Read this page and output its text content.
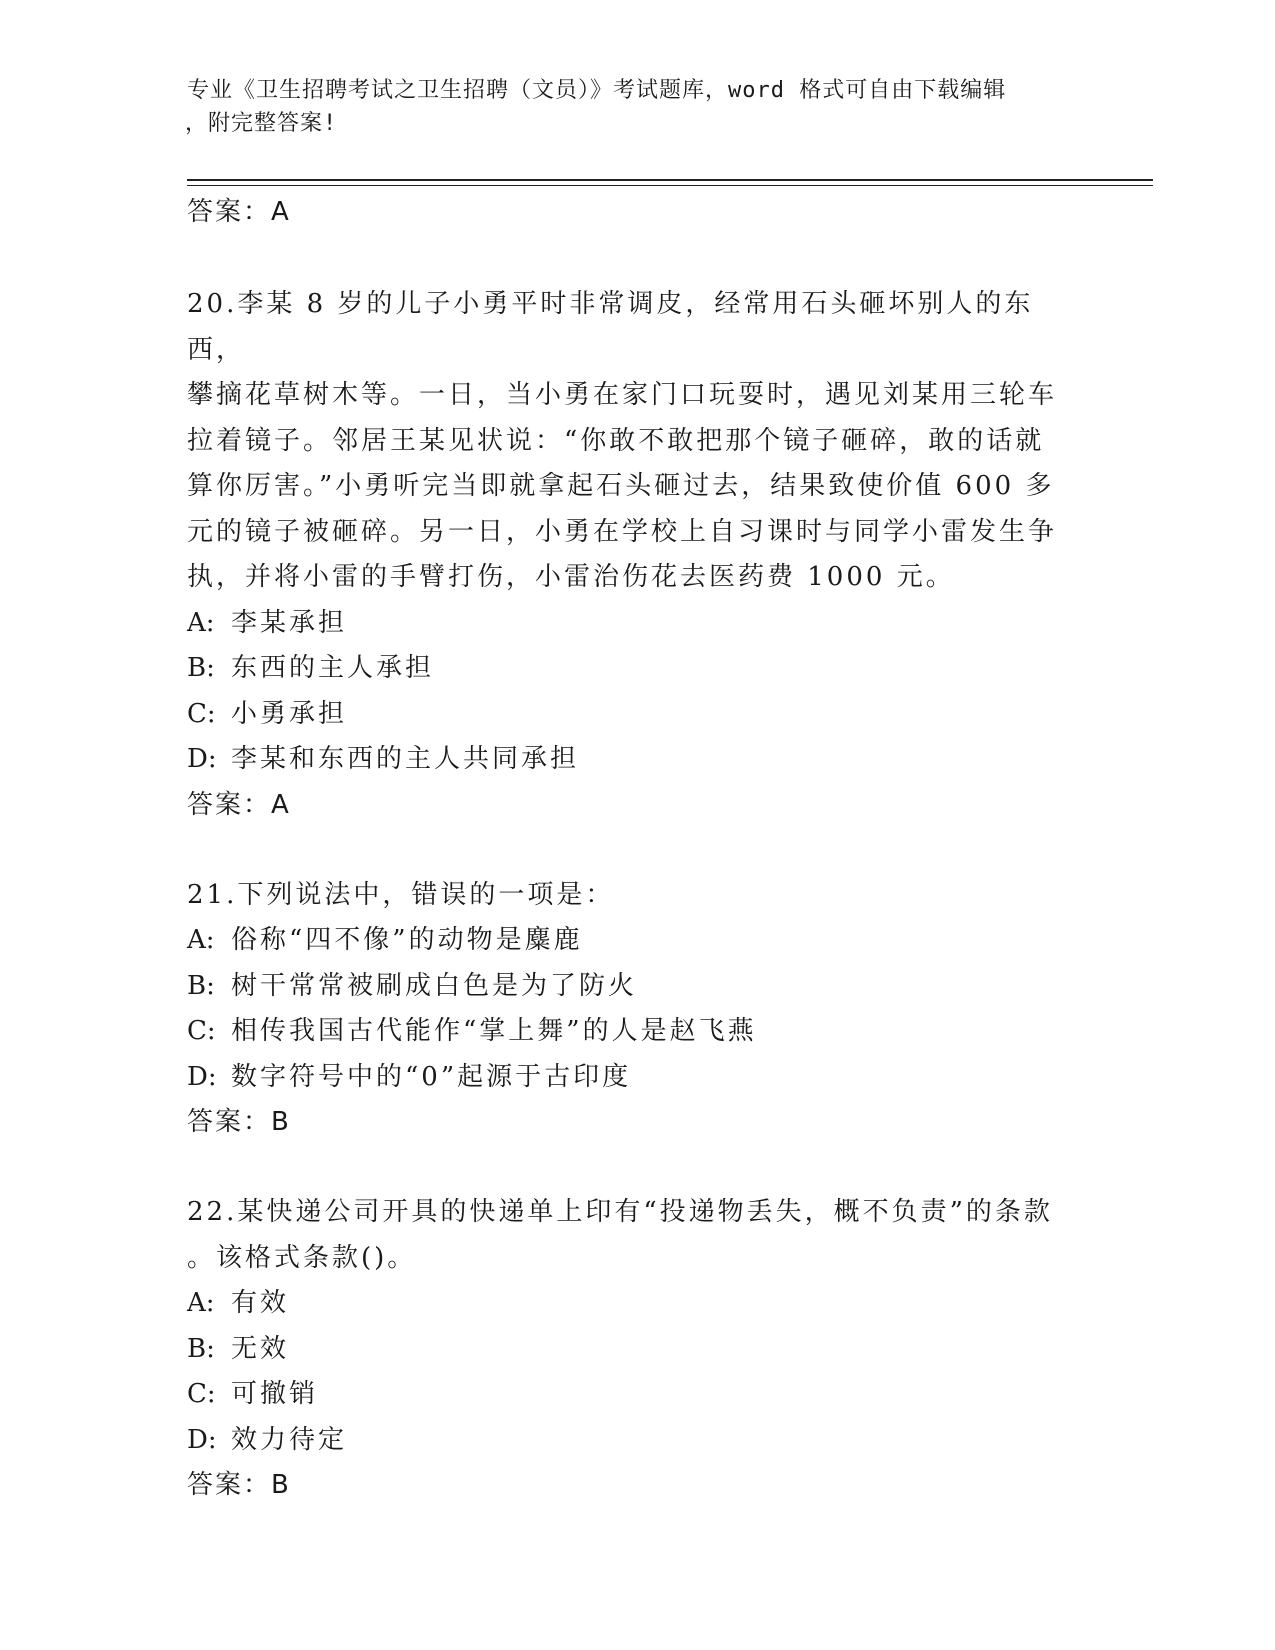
专业《卫生招聘考试之卫生招聘（文员）》考试题库，word 格式可自由下载编辑
，附完整答案!
答案：A
20.李某 8 岁的儿子小勇平时非常调皮，经常用石头砸坏别人的东西，
攀摘花草树木等。一日，当小勇在家门口玩耍时，遇见刘某用三轮车
拉着镜子。邻居王某见状说：“你敢不敢把那个镜子砸碎，敢的话就
算你厉害。”小勇听完当即就拿起石头砸过去，结果致使价值 600 多
元的镜子被砸碎。另一日，小勇在学校上自习课时与同学小雷发生争
执，并将小雷的手臂打伤，小雷治伤花去医药费 1000 元。
A: 李某承担
B: 东西的主人承担
C: 小勇承担
D: 李某和东西的主人共同承担
答案：A
21.下列说法中，错误的一项是：
A: 俗称“四不像”的动物是麋鹿
B: 树干常常被刷成白色是为了防火
C: 相传我国古代能作“掌上舞”的人是赵飞燕
D: 数字符号中的“0”起源于古印度
答案：B
22.某快递公司开具的快递单上印有“投递物丢失，概不负责”的条款
。该格式条款()。
A: 有效
B: 无效
C: 可撤销
D: 效力待定
答案：B
